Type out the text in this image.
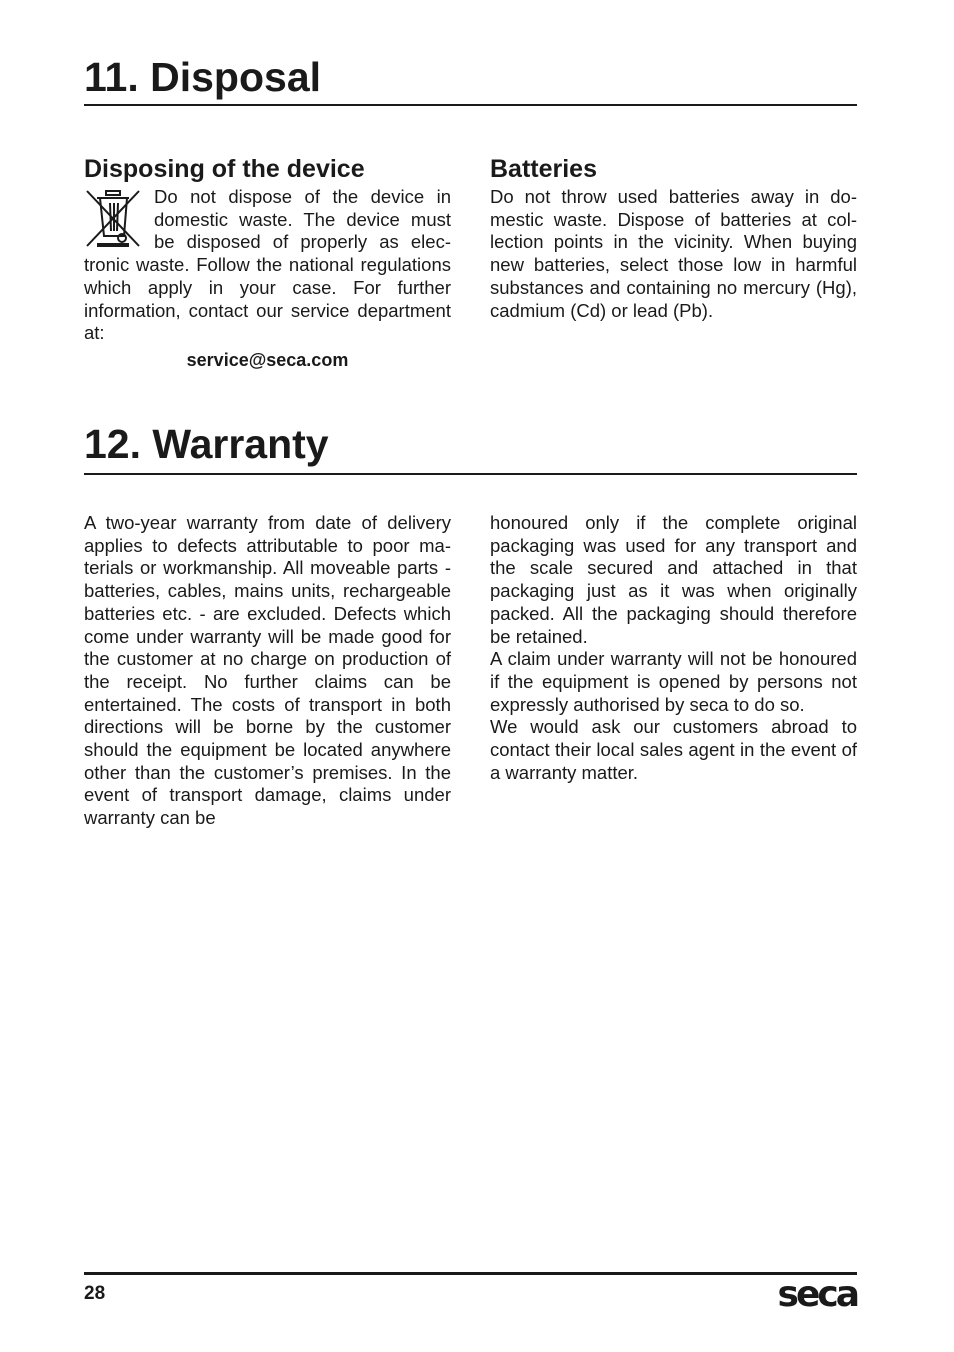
11. Disposal
Disposing of the device

Do not dispose of the device in domestic waste. The device must be disposed of properly as electronic waste. Follow the national regulations which apply in your case. For further information, contact our service department at:

service@seca.com

Batteries

Do not throw used batteries away in domestic waste. Dispose of batteries at collection points in the vicinity. When buying new batteries, select those low in harmful substances and containing no mercury (Hg), cadmium (Cd) or lead (Pb).

12. Warranty

A two-year warranty from date of delivery applies to defects attributable to poor materials or workmanship. All moveable parts - batteries, cables, mains units, rechargeable batteries etc. - are excluded. Defects which come under warranty will be made good for the customer at no charge on production of the receipt. No further claims can be entertained. The costs of transport in both directions will be borne by the customer should the equipment be located anywhere other than the customer’s premises. In the event of transport damage, claims under warranty can be

honoured only if the complete original packaging was used for any transport and the scale secured and attached in that packaging just as it was when originally packed. All the packaging should therefore be retained.

A claim under warranty will not be honoured if the equipment is opened by persons not expressly authorised by seca to do so.

We would ask our customers abroad to contact their local sales agent in the event of a warranty matter.

28	seca
